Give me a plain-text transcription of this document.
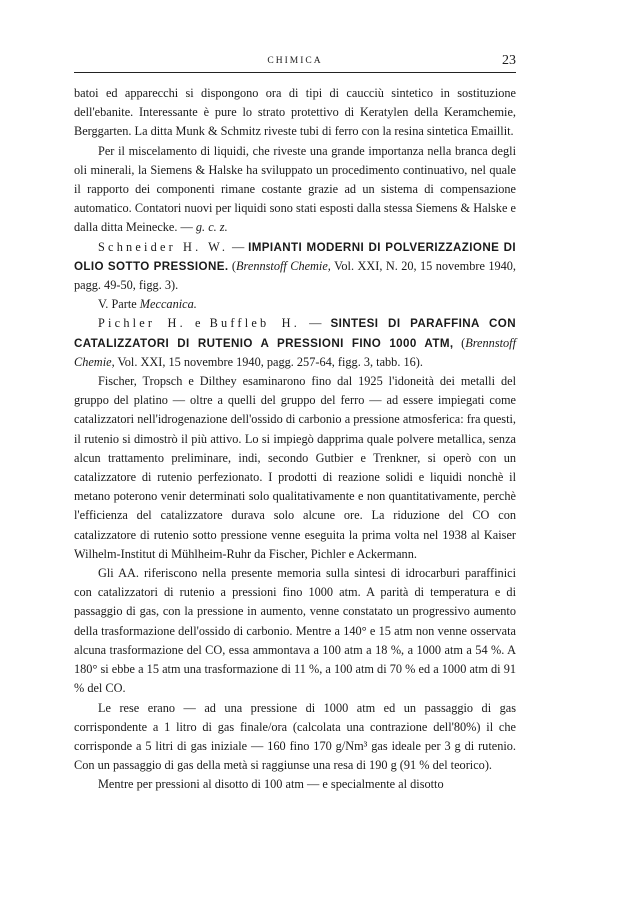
CHIMICA	23

batoi ed apparecchi si dispongono ora di tipi di caucciù sintetico in sostituzione dell'ebanite. Interessante è pure lo strato protettivo di Keratylen della Keramchemie, Berggarten. La ditta Munk & Schmitz riveste tubi di ferro con la resina sintetica Emaillit.

Per il miscelamento di liquidi, che riveste una grande importanza nella branca degli oli minerali, la Siemens & Halske ha sviluppato un procedimento continuativo, nel quale il rapporto dei componenti rimane costante grazie ad un sistema di compensazione automatico. Contatori nuovi per liquidi sono stati esposti dalla stessa Siemens & Halske e dalla ditta Meinecke. — g. c. z.

Schneider H. W. — IMPIANTI MODERNI DI POLVERIZZAZIONE DI OLIO SOTTO PRESSIONE. (Brennstoff Chemie, Vol. XXI, N. 20, 15 novembre 1940, pagg. 49-50, figg. 3).

V. Parte Meccanica.

Pichler H. e Buffleb H. — SINTESI DI PARAFFINA CON CATALIZZATORI DI RUTENIO A PRESSIONI FINO 1000 ATM, (Brennstoff Chemie, Vol. XXI, 15 novembre 1940, pagg. 257-64, figg. 3, tabb. 16).

Fischer, Tropsch e Dilthey esaminarono fino dal 1925 l'idoneità dei metalli del gruppo del platino — oltre a quelli del gruppo del ferro — ad essere impiegati come catalizzatori nell'idrogenazione dell'ossido di carbonio a pressione atmosferica: fra questi, il rutenio si dimostrò il più attivo. Lo si impiegò dapprima quale polvere metallica, senza alcun trattamento preliminare, indi, secondo Gutbier e Trenkner, si operò con un catalizzatore di rutenio perfezionato. I prodotti di reazione solidi e liquidi nonchè il metano poterono venir determinati solo qualitativamente e non quantitativamente, perchè l'efficienza del catalizzatore durava solo alcune ore. La riduzione del CO con catalizzatore di rutenio sotto pressione venne eseguita la prima volta nel 1938 al Kaiser Wilhelm-Institut di Mühlheim-Ruhr da Fischer, Pichler e Ackermann.

Gli AA. riferiscono nella presente memoria sulla sintesi di idrocarburi paraffinici con catalizzatori di rutenio a pressioni fino 1000 atm. A parità di temperatura e di passaggio di gas, con la pressione in aumento, venne constatato un progressivo aumento della trasformazione dell'ossido di carbonio. Mentre a 140° e 15 atm non venne osservata alcuna trasformazione del CO, essa ammontava a 100 atm a 18 %, a 1000 atm a 54 %. A 180° si ebbe a 15 atm una trasformazione di 11 %, a 100 atm di 70 % ed a 1000 atm di 91 % del CO.

Le rese erano — ad una pressione di 1000 atm ed un passaggio di gas corrispondente a 1 litro di gas finale/ora (calcolata una contrazione dell'80%) il che corrisponde a 5 litri di gas iniziale — 160 fino 170 g/Nm³ gas ideale per 3 g di rutenio. Con un passaggio di gas della metà si raggiunse una resa di 190 g (91 % del teorico).

Mentre per pressioni al disotto di 100 atm — e specialmente al disotto
